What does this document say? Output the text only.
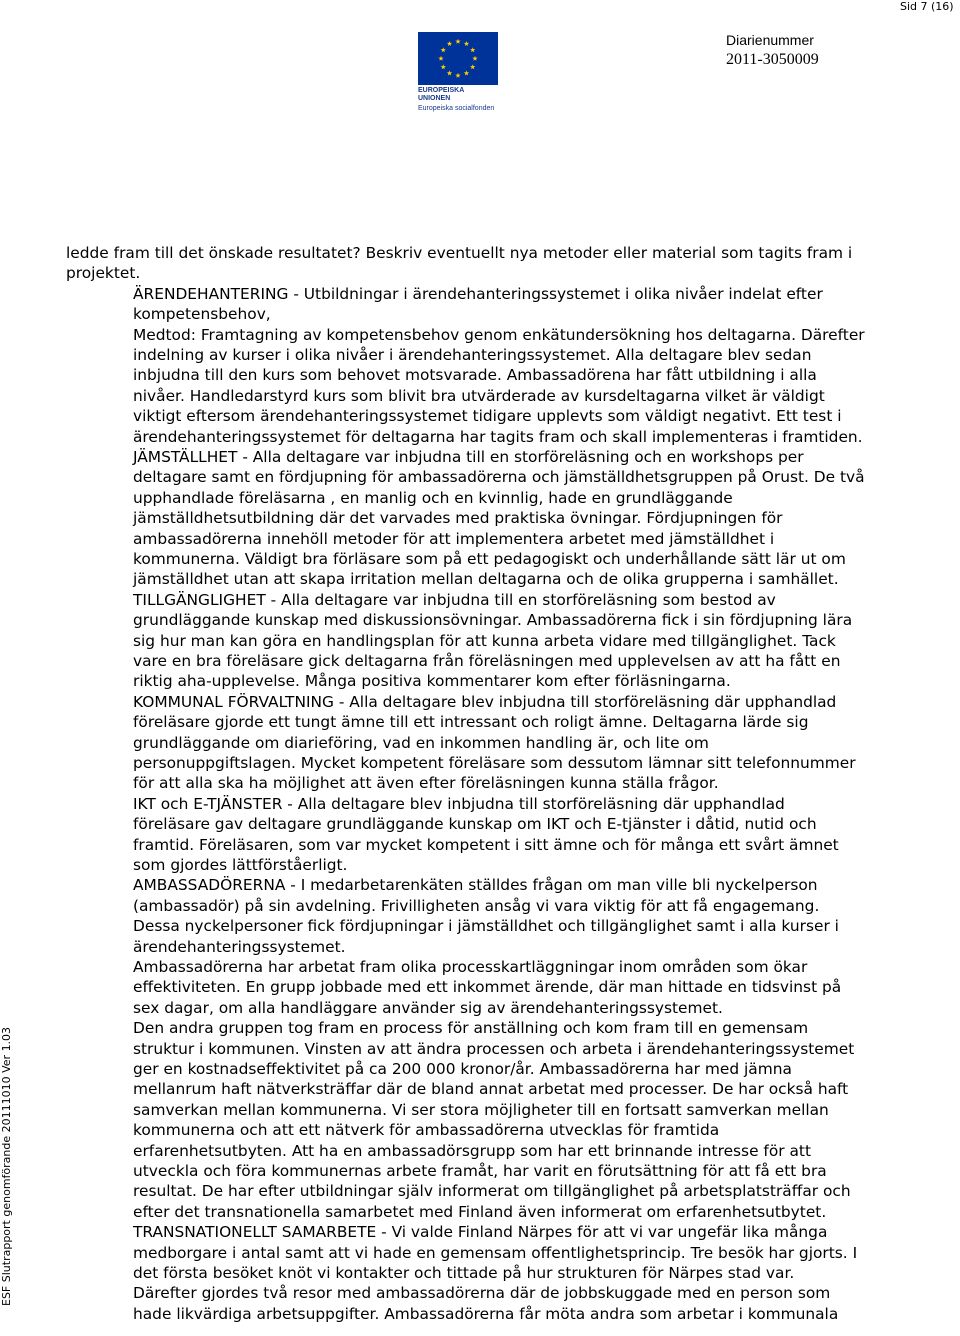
Sid 7 (16)
EUROPEISKA UNIONEN
Europeiska socialfonden
Diarienummer
2011-3050009
ESF Slutrapport genomförande 20111010 Ver 1.03
ledde fram till det önskade resultatet? Beskriv eventuellt nya metoder eller material som tagits fram i
projektet.
ÄRENDEHANTERING - Utbildningar i ärendehanteringssystemet i olika nivåer indelat efter
kompetensbehov,
Medtod: Framtagning av kompetensbehov genom enkätundersökning hos deltagarna. Därefter
indelning av kurser i olika nivåer i ärendehanteringssystemet. Alla deltagare blev sedan
inbjudna till den kurs som behovet motsvarade. Ambassadörena har fått utbildning i alla
nivåer. Handledarstyrd kurs som blivit bra utvärderade av kursdeltagarna vilket är väldigt
viktigt eftersom ärendehanteringssystemet tidigare upplevts som väldigt negativt. Ett test i
ärendehanteringssystemet för deltagarna har tagits fram och skall implementeras i framtiden.
JÄMSTÄLLHET - Alla deltagare var inbjudna till en storföreläsning och en workshops per
deltagare samt en fördjupning för ambassadörerna och jämställdhetsgruppen på Orust. De två
upphandlade föreläsarna , en manlig och en kvinnlig, hade en grundläggande
jämställdhetsutbildning där det varvades med praktiska övningar. Fördjupningen för
ambassadörerna innehöll metoder för att implementera arbetet med jämställdhet i
kommunerna. Väldigt bra förläsare som på ett pedagogiskt och underhållande sätt lär ut om
jämställdhet utan att skapa irritation mellan deltagarna och de olika grupperna i samhället.
TILLGÄNGLIGHET - Alla deltagare var inbjudna till en storföreläsning som bestod av
grundläggande kunskap med diskussionsövningar. Ambassadörerna fick i sin fördjupning lära
sig hur man kan göra en handlingsplan för att kunna arbeta vidare med tillgänglighet. Tack
vare en bra föreläsare gick deltagarna från föreläsningen med upplevelsen av att ha fått en
riktig aha-upplevelse. Många positiva kommentarer kom efter förläsningarna.
KOMMUNAL FÖRVALTNING - Alla deltagare blev inbjudna till storföreläsning där upphandlad
föreläsare gjorde ett tungt ämne till ett intressant och roligt ämne. Deltagarna lärde sig
grundläggande om diarieföring, vad en inkommen handling är, och lite om
personuppgiftslagen. Mycket kompetent föreläsare som dessutom lämnar sitt telefonnummer
för att alla ska ha möjlighet att även efter föreläsningen kunna ställa frågor.
IKT och E-TJÄNSTER - Alla deltagare blev inbjudna till storföreläsning där upphandlad
föreläsare gav deltagare grundläggande kunskap om IKT och E-tjänster i dåtid, nutid och
framtid. Föreläsaren, som var mycket kompetent i sitt ämne och för många ett svårt ämnet
som gjordes lättförståerligt.
AMBASSADÖRERNA - I medarbetarenkäten ställdes frågan om man ville bli nyckelperson
(ambassadör) på sin avdelning. Frivilligheten ansåg vi vara viktig för att få engagemang.
Dessa nyckelpersoner fick fördjupningar i jämställdhet och tillgänglighet samt i alla kurser i
ärendehanteringssystemet.
Ambassadörerna har arbetat fram olika processkartläggningar inom områden som ökar
effektiviteten. En grupp jobbade med ett inkommet ärende, där man hittade en tidsvinst på
sex dagar, om alla handläggare använder sig av ärendehanteringssystemet.
Den andra gruppen tog fram en process för anställning och kom fram till en gemensam
struktur i kommunen. Vinsten av att ändra processen och arbeta i ärendehanteringssystemet
ger en kostnadseffektivitet på ca 200 000 kronor/år. Ambassadörerna har med jämna
mellanrum haft nätverksträffar där de bland annat arbetat med processer. De har också haft
samverkan mellan kommunerna. Vi ser stora möjligheter till en fortsatt samverkan mellan
kommunerna och att ett nätverk för ambassadörerna utvecklas för framtida
erfarenhetsutbyten. Att ha en ambassadörsgrupp som har ett brinnande intresse för att
utveckla och föra kommunernas arbete framåt, har varit en förutsättning för att få ett bra
resultat. De har efter utbildningar själv informerat om tillgänglighet på arbetsplatsträffar och
efter det transnationella samarbetet med Finland även informerat om erfarenhetsutbytet.
TRANSNATIONELLT SAMARBETE - Vi valde Finland Närpes för att vi var ungefär lika många
medborgare i antal samt att vi hade en gemensam offentlighetsprincip. Tre besök har gjorts. I
det första besöket knöt vi kontakter och tittade på hur strukturen för Närpes stad var.
Därefter gjordes två resor med ambassadörerna där de jobbskuggade med en person som
hade likvärdiga arbetsuppgifter. Ambassadörerna får möta andra som arbetar i kommunala
